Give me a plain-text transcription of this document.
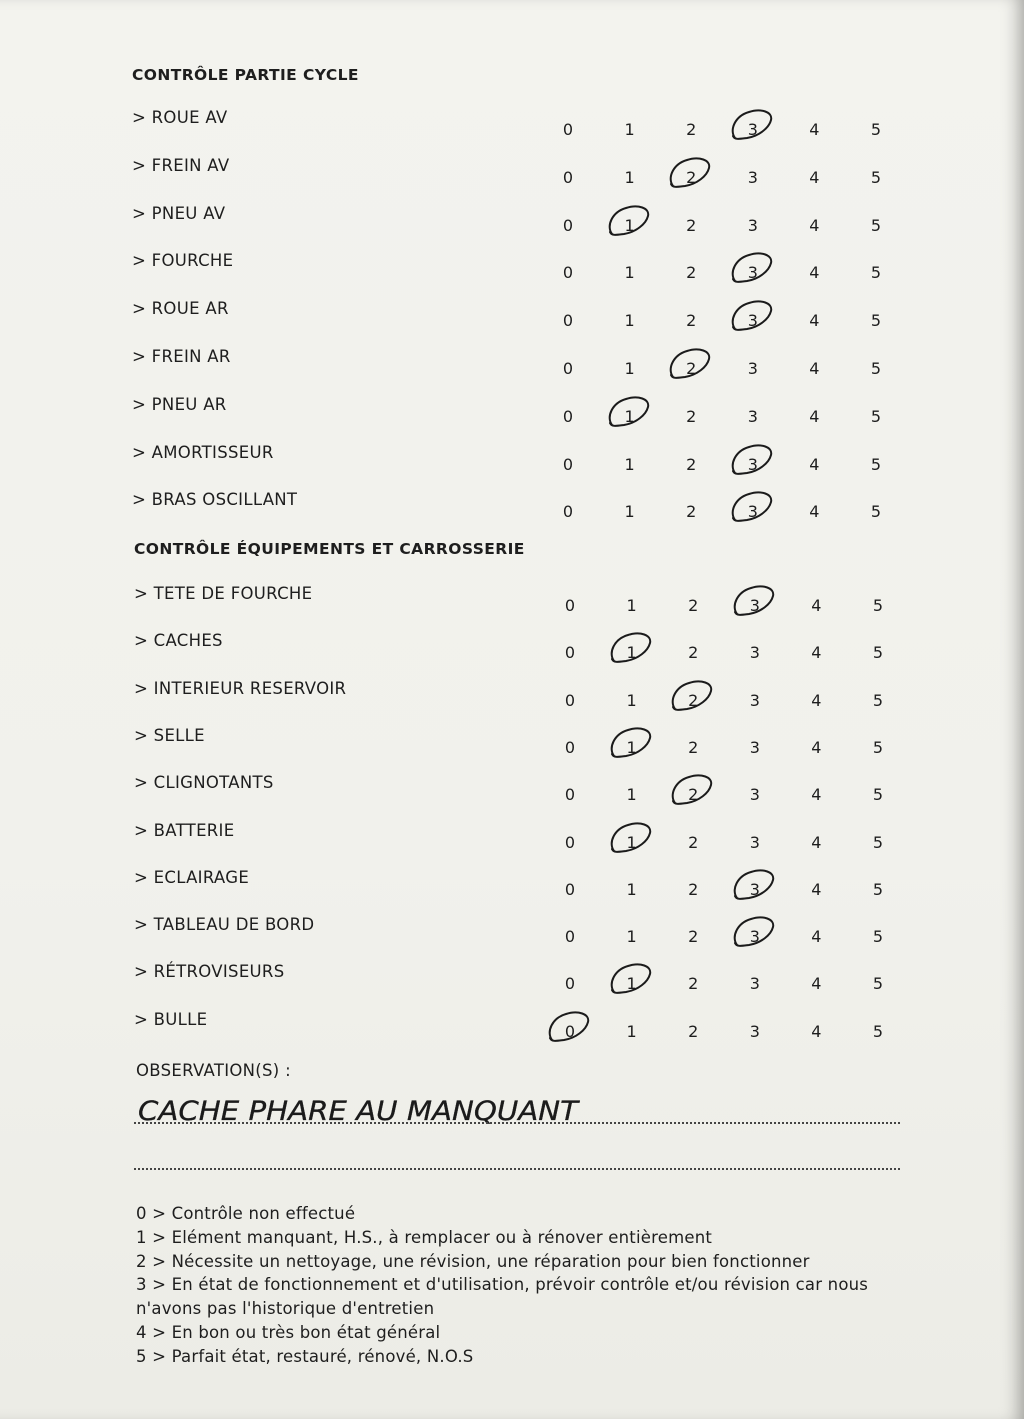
CONTRÔLE PARTIE CYCLE
> ROUE AV
0	1	2	3	4	5
> FREIN AV
0	1	2	3	4	5
> PNEU AV
0	1	2	3	4	5
> FOURCHE
0	1	2	3	4	5
> ROUE AR
0	1	2	3	4	5
> FREIN AR
0	1	2	3	4	5
> PNEU AR
0	1	2	3	4	5
> AMORTISSEUR
0	1	2	3	4	5
> BRAS OSCILLANT
0	1	2	3	4	5
CONTRÔLE ÉQUIPEMENTS ET CARROSSERIE
> TETE DE FOURCHE
0	1	2	3	4	5
> CACHES
0	1	2	3	4	5
> INTERIEUR RESERVOIR
0	1	2	3	4	5
> SELLE
0	1	2	3	4	5
> CLIGNOTANTS
0	1	2	3	4	5
> BATTERIE
0	1	2	3	4	5
> ECLAIRAGE
0	1	2	3	4	5
> TABLEAU DE BORD
0	1	2	3	4	5
> RÉTROVISEURS
0	1	2	3	4	5
> BULLE
0	1	2	3	4	5
OBSERVATION(S) :
CACHE PHARE AU MANQUANT
0 > Contrôle non effectué
1 > Elément manquant, H.S., à remplacer ou à rénover entièrement
2 > Nécessite un nettoyage, une révision, une réparation pour bien fonctionner
3 > En état de fonctionnement et d'utilisation, prévoir contrôle et/ou révision car nous n'avons pas l'historique d'entretien
4 > En bon ou très bon état général
5 > Parfait état, restauré, rénové, N.O.S
